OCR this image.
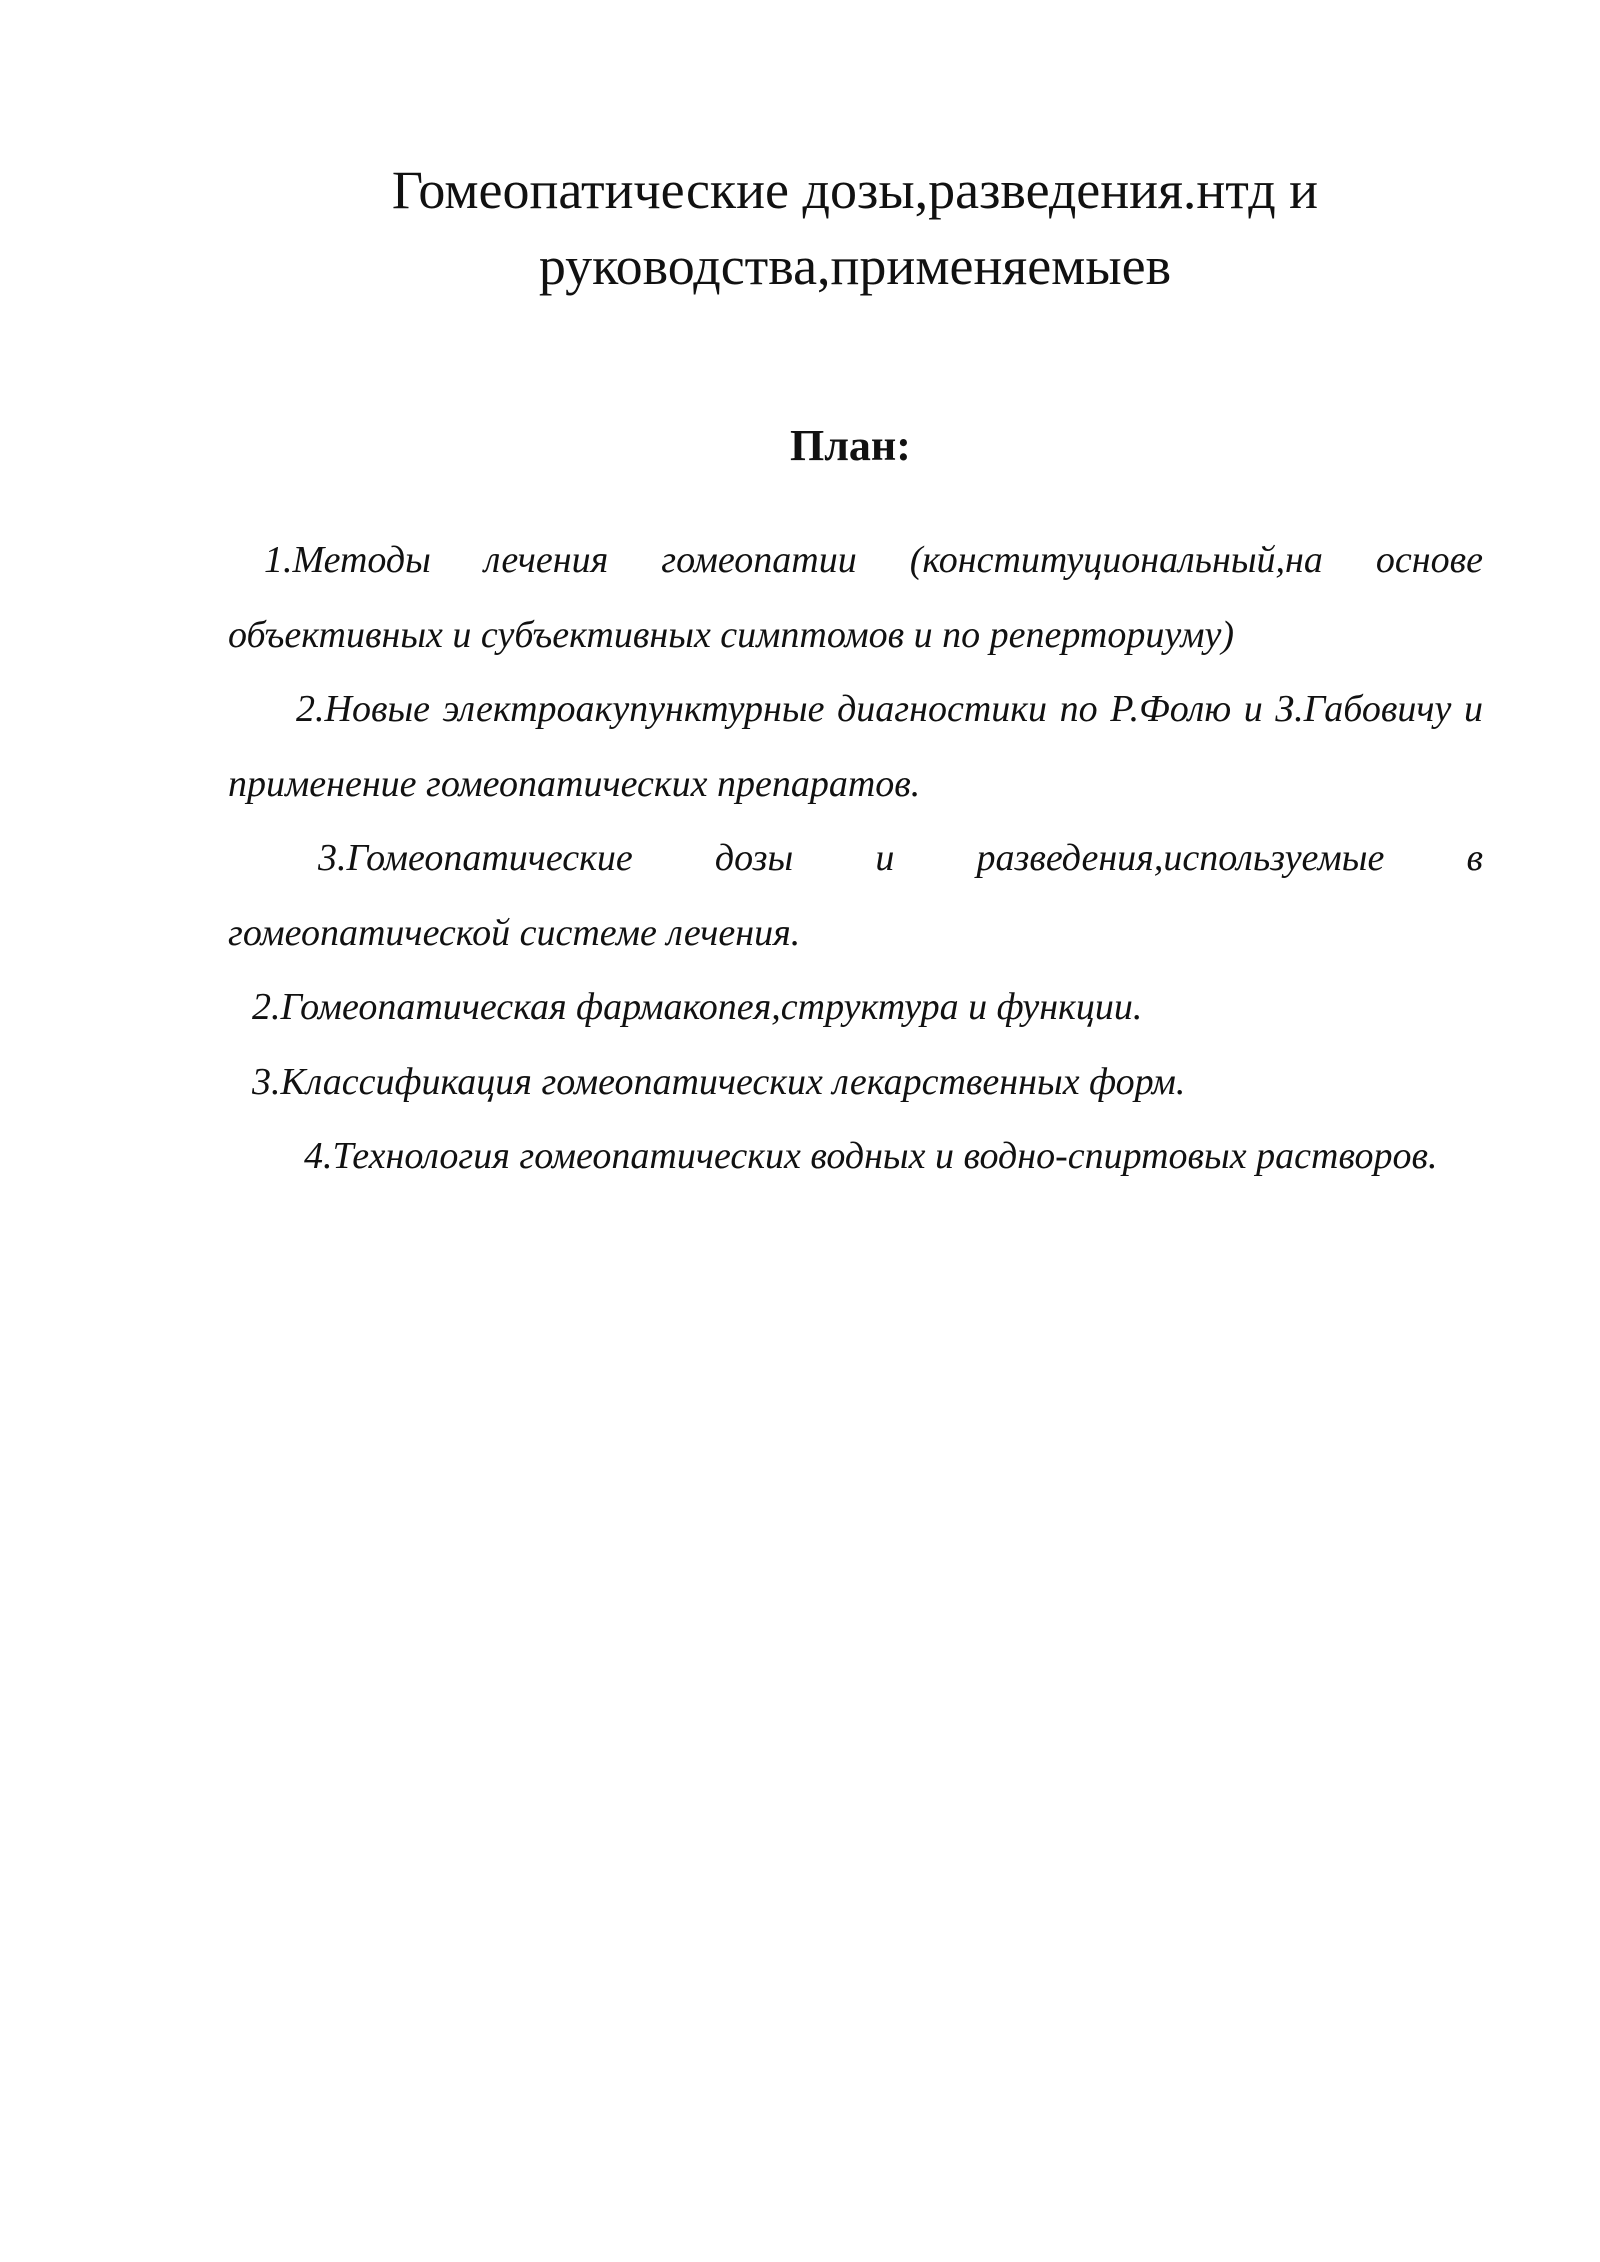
Гомеопатические дозы,разведения.нтд и руководства,применяемыев
План:
1.Методы лечения гомеопатии (конституциональный,на основе объективных и субъективных симптомов и по реперториуму)
2.Новые электроакупунктурные диагностики по Р.Фолю и З.Габовичу и применение гомеопатических препаратов.
3.Гомеопатические дозы и разведения,используемые в гомеопатической системе лечения.
2.Гомеопатическая фармакопея,структура и функции.
3.Классификация гомеопатических лекарственных форм.
4.Технология гомеопатических водных и водно-спиртовых растворов.
